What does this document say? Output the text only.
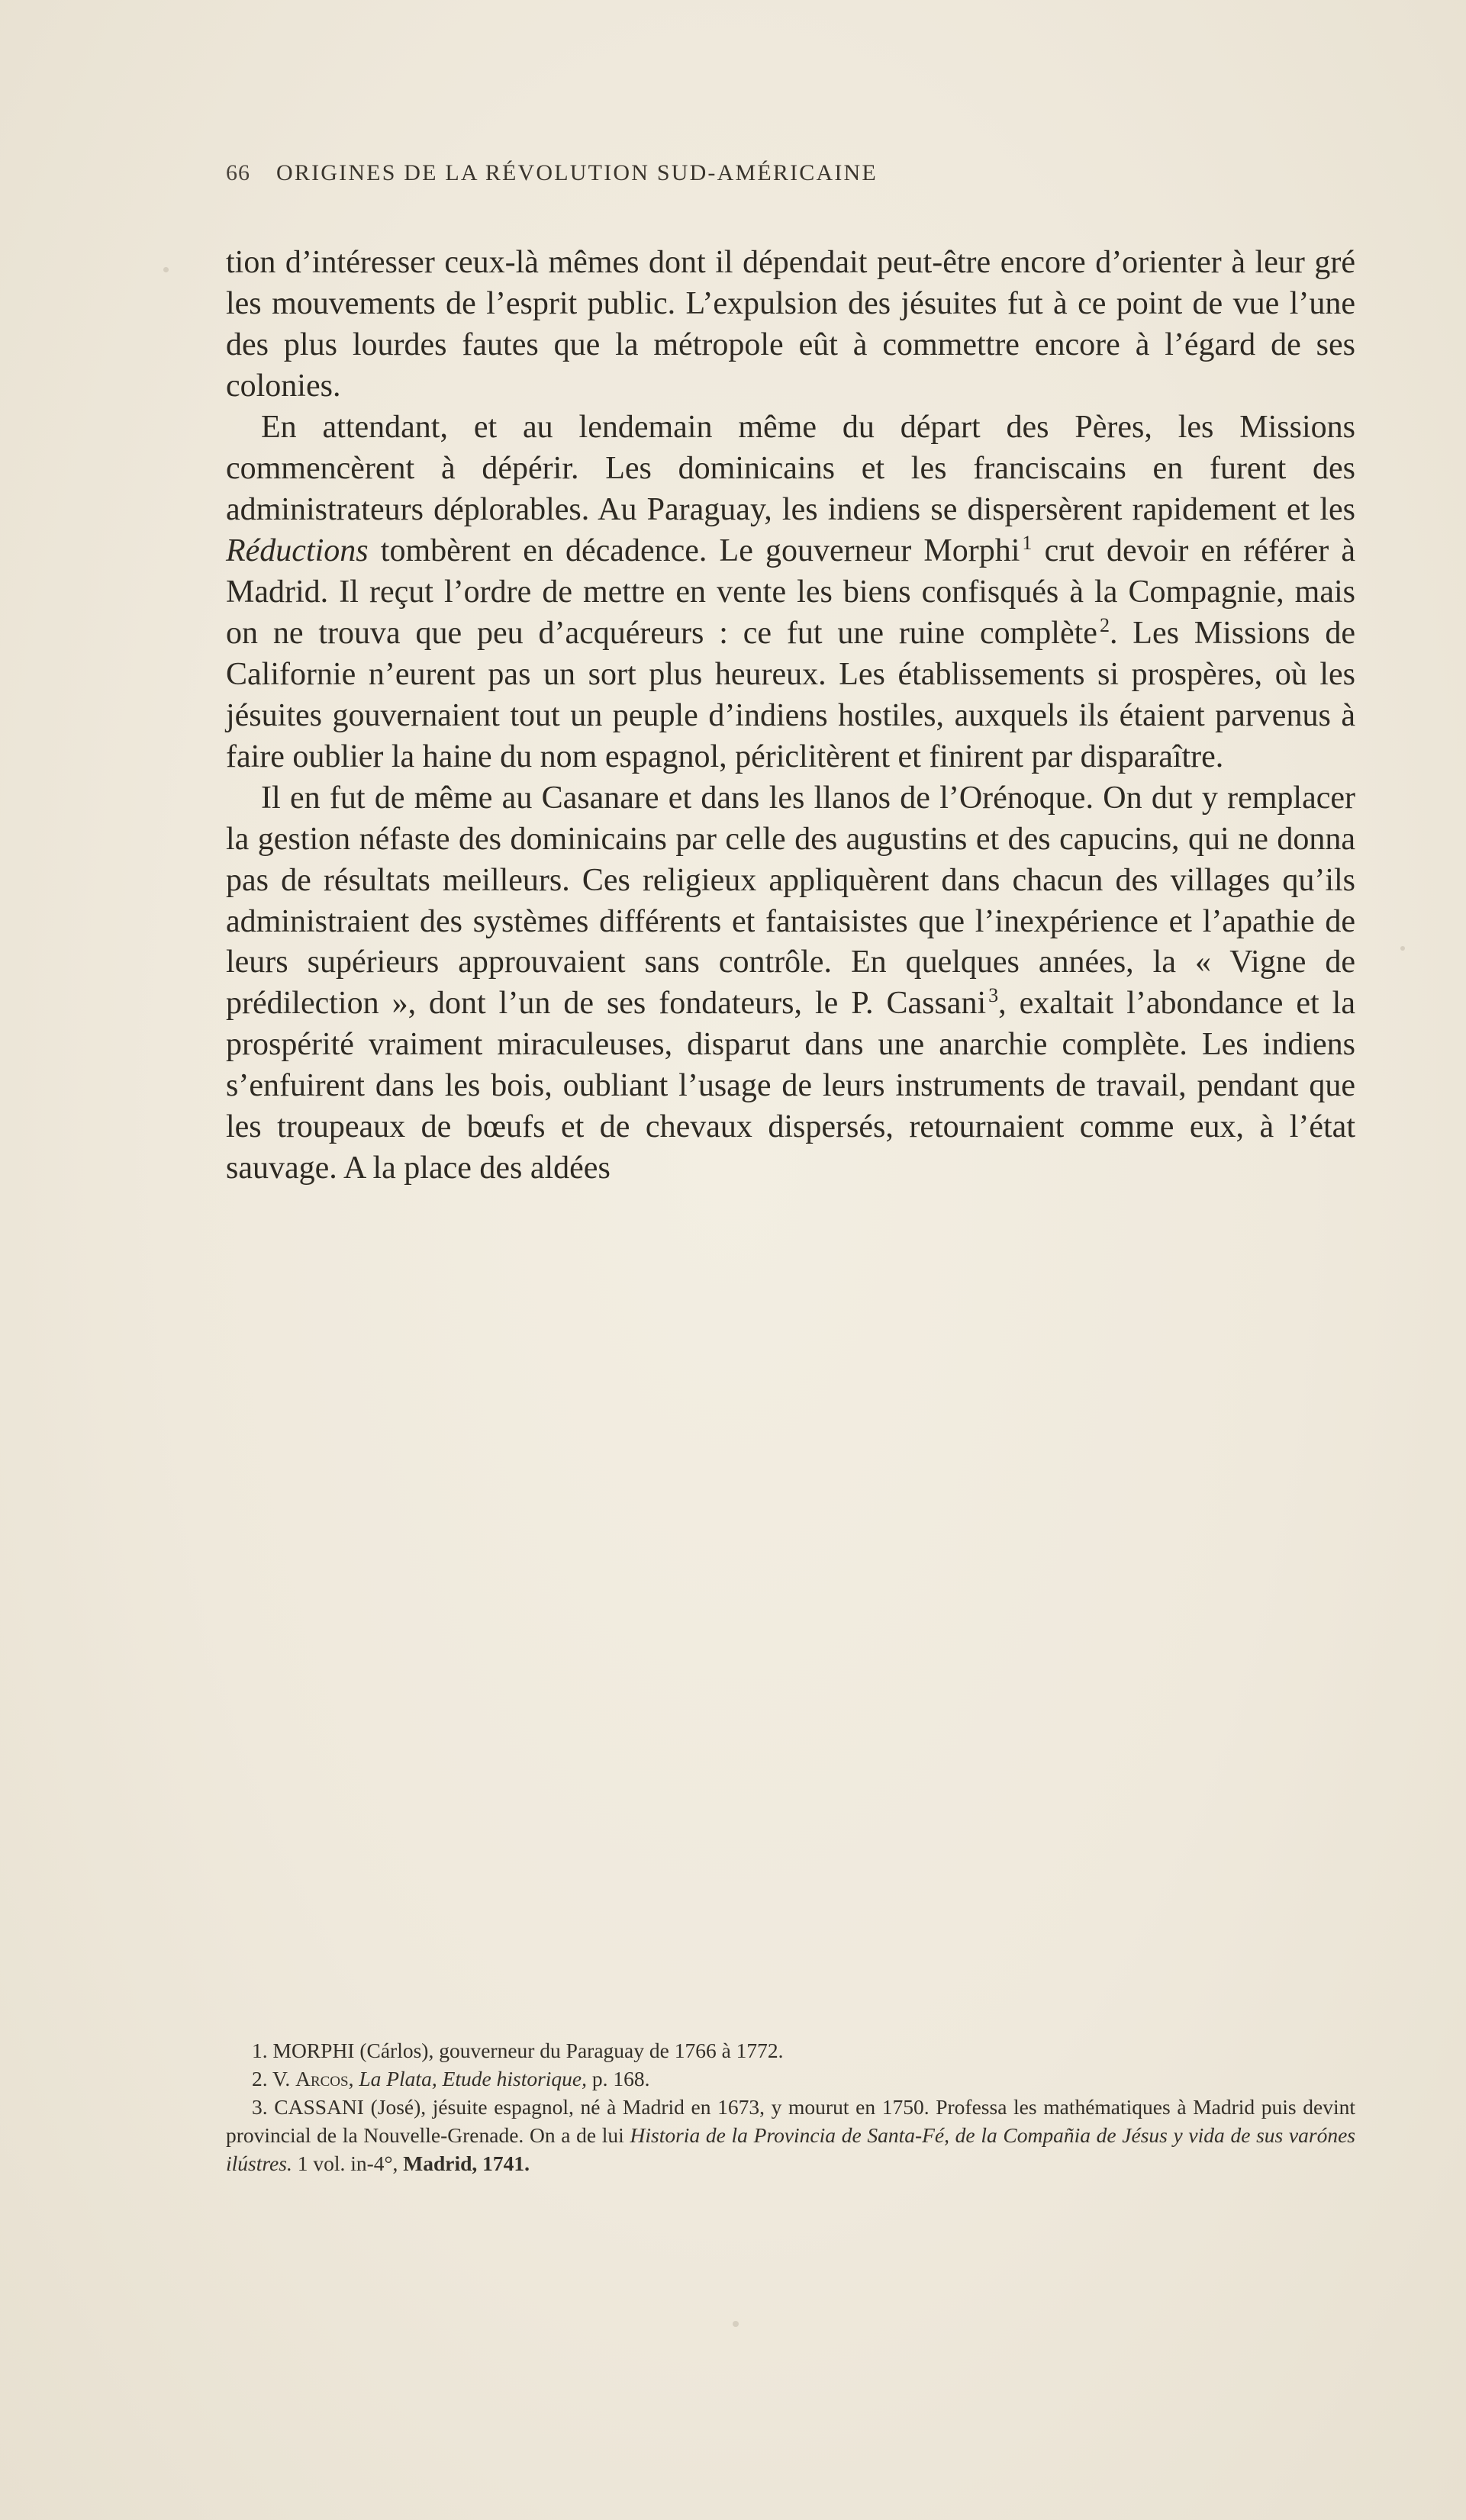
66 ORIGINES DE LA RÉVOLUTION SUD-AMÉRICAINE

tion d’intéresser ceux-là mêmes dont il dépendait peut-être encore d’orienter à leur gré les mouvements de l’esprit public. L’expulsion des jésuites fut à ce point de vue l’une des plus lourdes fautes que la métropole eût à commettre encore à l’égard de ses colonies.

En attendant, et au lendemain même du départ des Pères, les Missions commencèrent à dépérir. Les dominicains et les franciscains en furent des administrateurs déplorables. Au Paraguay, les indiens se dispersèrent rapidement et les Réductions tombèrent en décadence. Le gouverneur Morphi $^1$ crut devoir en référer à Madrid. Il reçut l’ordre de mettre en vente les biens confisqués à la Compagnie, mais on ne trouva que peu d’acquéreurs : ce fut une ruine complète $^2$. Les Missions de Californie n’eurent pas un sort plus heureux. Les établissements si prospères, où les jésuites gouvernaient tout un peuple d’indiens hostiles, auxquels ils étaient parvenus à faire oublier la haine du nom espagnol, périclitèrent et finirent par disparaître.

Il en fut de même au Casanare et dans les llanos de l’Orénoque. On dut y remplacer la gestion néfaste des dominicains par celle des augustins et des capucins, qui ne donna pas de résultats meilleurs. Ces religieux appliquèrent dans chacun des villages qu’ils administraient des systèmes différents et fantaisistes que l’inexpérience et l’apathie de leurs supérieurs approuvaient sans contrôle. En quelques années, la « Vigne de prédilection », dont l’un de ses fondateurs, le P. Cassani $^3$, exaltait l’abondance et la prospérité vraiment miraculeuses, disparut dans une anarchie complète. Les indiens s’enfuirent dans les bois, oubliant l’usage de leurs instruments de travail, pendant que les troupeaux de bœufs et de chevaux dispersés, retournaient comme eux, à l’état sauvage. A la place des aldées

1. MORPHI (Cárlos), gouverneur du Paraguay de 1766 à 1772.

2. V. Arcos, La Plata, Etude historique, p. 168.

3. CASSANI (José), jésuite espagnol, né à Madrid en 1673, y mourut en 1750. Professa les mathématiques à Madrid puis devint provincial de la Nouvelle-Grenade. On a de lui Historia de la Provincia de Santa-Fé, de la Compañia de Jésus y vida de sus varónes ilústres. 1 vol. in-4°, Madrid, 1741.
